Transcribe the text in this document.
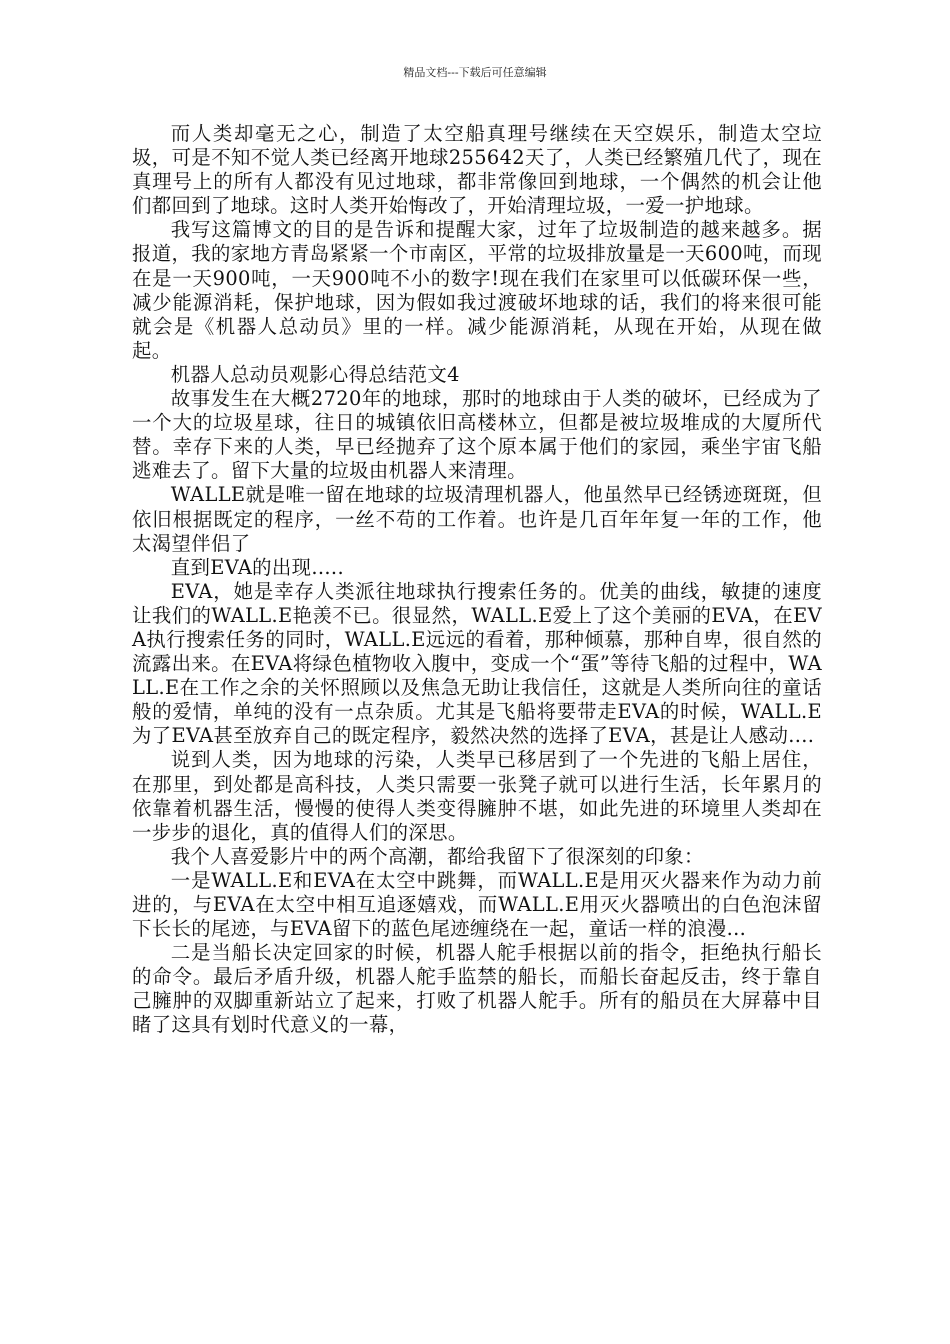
精品文档---下载后可任意编辑

而人类却毫无之心，制造了太空船真理号继续在天空娱乐，制造太空垃圾，可是不知不觉人类已经离开地球255642天了，人类已经繁殖几代了，现在真理号上的所有人都没有见过地球，都非常像回到地球，一个偶然的机会让他们都回到了地球。这时人类开始悔改了，开始清理垃圾，一爱一护地球。

我写这篇博文的目的是告诉和提醒大家，过年了垃圾制造的越来越多。据报道，我的家地方青岛紧紧一个市南区，平常的垃圾排放量是一天600吨，而现在是一天900吨，一天900吨不小的数字!现在我们在家里可以低碳环保一些，减少能源消耗，保护地球，因为假如我过渡破坏地球的话，我们的将来很可能就会是《机器人总动员》里的一样。减少能源消耗，从现在开始，从现在做起。

机器人总动员观影心得总结范文4

故事发生在大概2720年的地球，那时的地球由于人类的破坏，已经成为了一个大的垃圾星球，往日的城镇依旧高楼林立，但都是被垃圾堆成的大厦所代替。幸存下来的人类，早已经抛弃了这个原本属于他们的家园，乘坐宇宙飞船逃难去了。留下大量的垃圾由机器人来清理。

WALLE就是唯一留在地球的垃圾清理机器人，他虽然早已经锈迹斑斑，但依旧根据既定的程序，一丝不苟的工作着。也许是几百年年复一年的工作，他太渴望伴侣了

直到EVA的出现.....

EVA，她是幸存人类派往地球执行搜索任务的。优美的曲线，敏捷的速度让我们的WALL.E艳羡不已。很显然，WALL.E爱上了这个美丽的EVA，在EVA执行搜索任务的同时，WALL.E远远的看着，那种倾慕，那种自卑，很自然的流露出来。在EVA将绿色植物收入腹中，变成一个“蛋”等待飞船的过程中，WALL.E在工作之余的关怀照顾以及焦急无助让我信任，这就是人类所向往的童话般的爱情，单纯的没有一点杂质。尤其是飞船将要带走EVA的时候，WALL.E为了EVA甚至放弃自己的既定程序，毅然决然的选择了EVA，甚是让人感动....

说到人类，因为地球的污染，人类早已移居到了一个先进的飞船上居住，在那里，到处都是高科技，人类只需要一张凳子就可以进行生活，长年累月的依靠着机器生活，慢慢的使得人类变得臃肿不堪，如此先进的环境里人类却在一步步的退化，真的值得人们的深思。

我个人喜爱影片中的两个高潮，都给我留下了很深刻的印象：

一是WALL.E和EVA在太空中跳舞，而WALL.E是用灭火器来作为动力前进的，与EVA在太空中相互追逐嬉戏，而WALL.E用灭火器喷出的白色泡沫留下长长的尾迹，与EVA留下的蓝色尾迹缠绕在一起，童话一样的浪漫...

二是当船长决定回家的时候，机器人舵手根据以前的指令，拒绝执行船长的命令。最后矛盾升级，机器人舵手监禁的船长，而船长奋起反击，终于靠自己臃肿的双脚重新站立了起来，打败了机器人舵手。所有的船员在大屏幕中目睹了这具有划时代意义的一幕，
